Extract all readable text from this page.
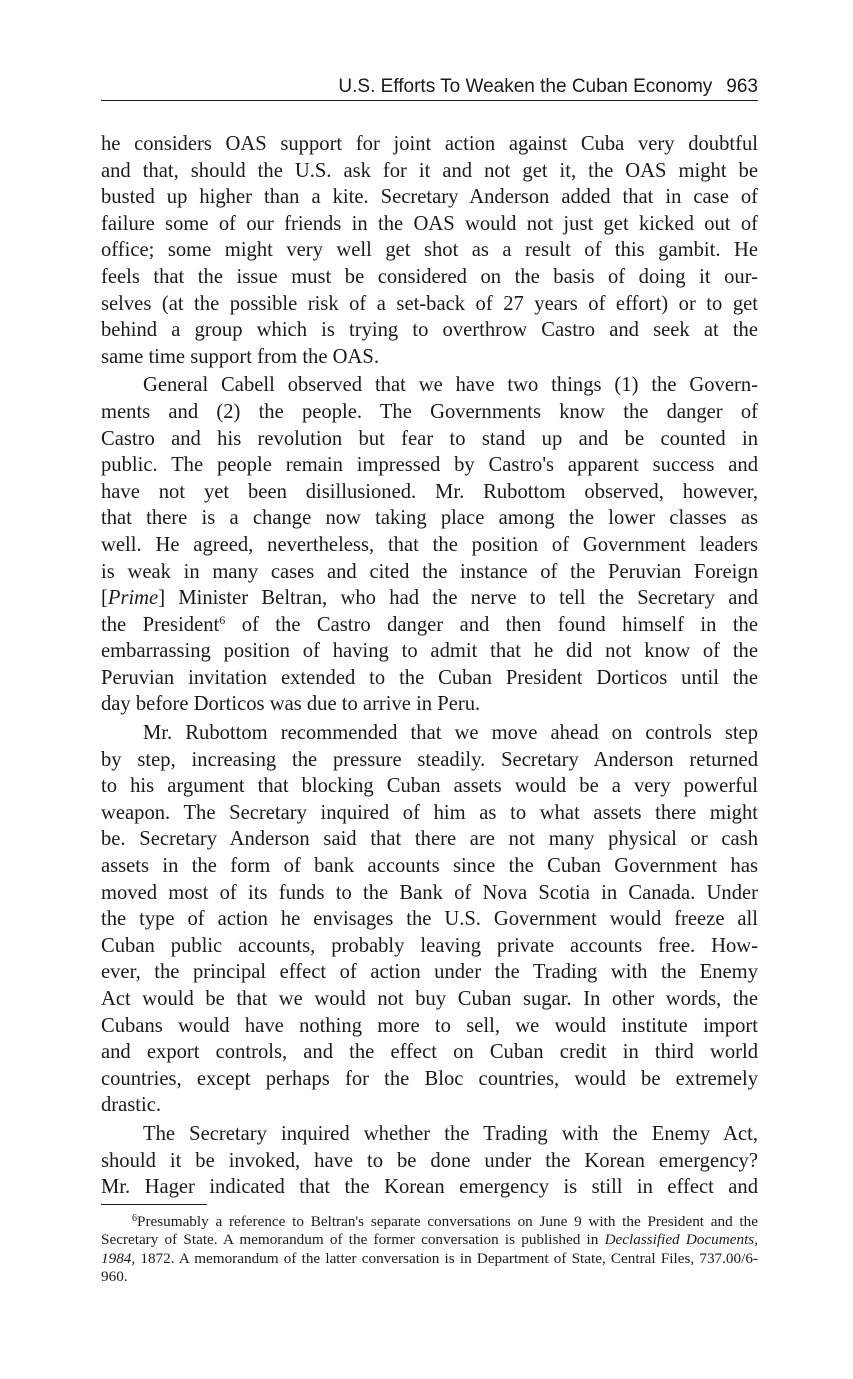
U.S. Efforts To Weaken the Cuban Economy 963

he considers OAS support for joint action against Cuba very doubtful

and that, should the U.S. ask for it and not get it, the OAS might be

busted up higher than a kite. Secretary Anderson added that in case of

failure some of our friends in the OAS would not just get kicked out of

office; some might very well get shot as a result of this gambit. He

feels that the issue must be considered on the basis of doing it our-

selves (at the possible risk of a set-back of 27 years of effort) or to get

behind a group which is trying to overthrow Castro and seek at the

same time support from the OAS.

General Cabell observed that we have two things (1) the Govern-

ments and (2) the people. The Governments know the danger of

Castro and his revolution but fear to stand up and be counted in

public. The people remain impressed by Castro's apparent success and

have not yet been disillusioned. Mr. Rubottom observed, however,

that there is a change now taking place among the lower classes as

well. He agreed, nevertheless, that the position of Government leaders

is weak in many cases and cited the instance of the Peruvian Foreign

[Prime] Minister Beltran, who had the nerve to tell the Secretary and

the President$^6$ of the Castro danger and then found himself in the

embarrassing position of having to admit that he did not know of the

Peruvian invitation extended to the Cuban President Dorticos until the

day before Dorticos was due to arrive in Peru.

Mr. Rubottom recommended that we move ahead on controls step

by step, increasing the pressure steadily. Secretary Anderson returned

to his argument that blocking Cuban assets would be a very powerful

weapon. The Secretary inquired of him as to what assets there might

be. Secretary Anderson said that there are not many physical or cash

assets in the form of bank accounts since the Cuban Government has

moved most of its funds to the Bank of Nova Scotia in Canada. Under

the type of action he envisages the U.S. Government would freeze all

Cuban public accounts, probably leaving private accounts free. How-

ever, the principal effect of action under the Trading with the Enemy

Act would be that we would not buy Cuban sugar. In other words, the

Cubans would have nothing more to sell, we would institute import

and export controls, and the effect on Cuban credit in third world

countries, except perhaps for the Bloc countries, would be extremely

drastic.

The Secretary inquired whether the Trading with the Enemy Act,

should it be invoked, have to be done under the Korean emergency?

Mr. Hager indicated that the Korean emergency is still in effect and

$^6$Presumably a reference to Beltran's separate conversations on June 9 with the President and the Secretary of State. A memorandum of the former conversation is published in Declassified Documents, 1984, 1872. A memorandum of the latter conversation is in Department of State, Central Files, 737.00/6-960.
